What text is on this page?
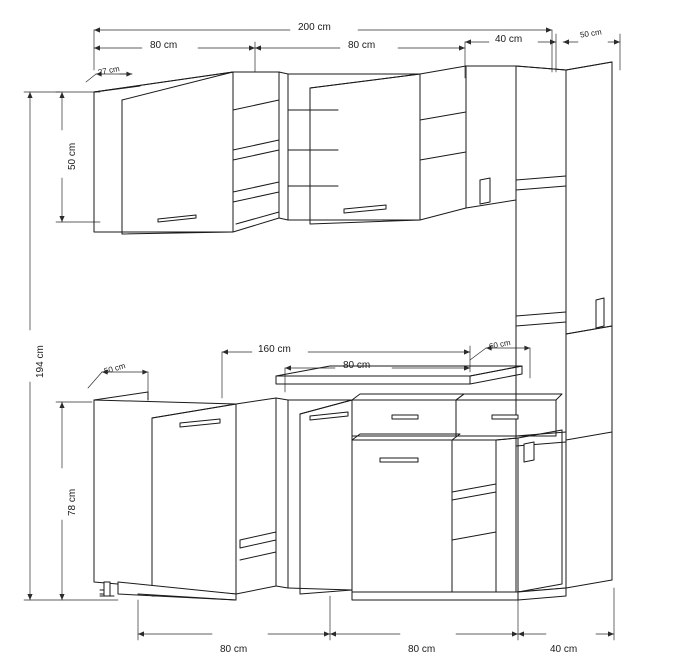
200 cm
80 cm	80 cm
40 cm	50 cm
27 cm
50 cm
194 cm
78 cm
50 cm
160 cm
80 cm
60 cm
80 cm	80 cm	40 cm
